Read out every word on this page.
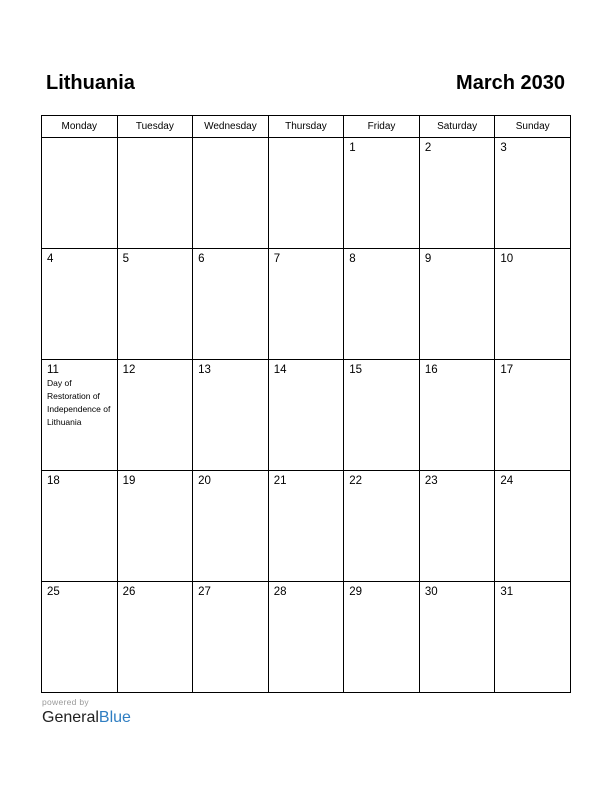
Lithuania	March 2030
Monday	Tuesday	Wednesday	Thursday	Friday	Saturday	Sunday

				1	2	3

4	5	6	7	8	9	10

11
Day of Restoration of Independence of Lithuania	12	13	14	15	16	17

18	19	20	21	22	23	24

25	26	27	28	29	30	31
powered by
GeneralBlue
